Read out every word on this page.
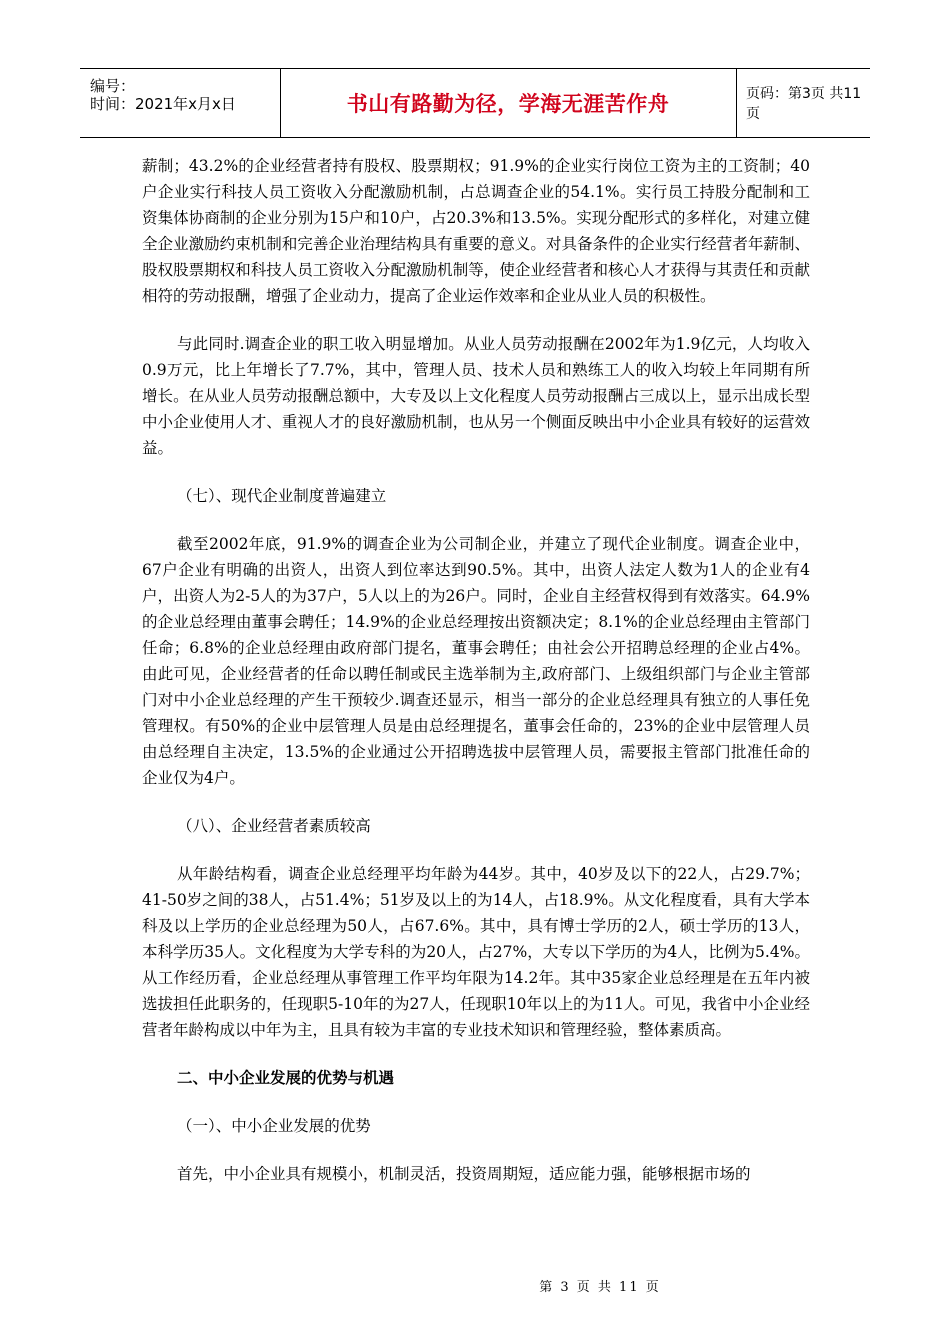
编号：
时间：2021年x月x日	书山有路勤为径，学海无涯苦作舟	页码：第3页 共11页

薪制；43.2%的企业经营者持有股权、股票期权；91.9%的企业实行岗位工资为主的工资制；40户企业实行科技人员工资收入分配激励机制，占总调查企业的54.1%。实行员工持股分配制和工资集体协商制的企业分别为15户和10户，占20.3%和13.5%。实现分配形式的多样化，对建立健全企业激励约束机制和完善企业治理结构具有重要的意义。对具备条件的企业实行经营者年薪制、股权股票期权和科技人员工资收入分配激励机制等，使企业经营者和核心人才获得与其责任和贡献相符的劳动报酬，增强了企业动力，提高了企业运作效率和企业从业人员的积极性。

与此同时.调查企业的职工收入明显增加。从业人员劳动报酬在2002年为1.9亿元，人均收入0.9万元，比上年增长了7.7%，其中，管理人员、技术人员和熟练工人的收入均较上年同期有所增长。在从业人员劳动报酬总额中，大专及以上文化程度人员劳动报酬占三成以上，显示出成长型中小企业使用人才、重视人才的良好激励机制，也从另一个侧面反映出中小企业具有较好的运营效益。

（七）、现代企业制度普遍建立

截至2002年底，91.9%的调查企业为公司制企业，并建立了现代企业制度。调查企业中，67户企业有明确的出资人，出资人到位率达到90.5%。其中，出资人法定人数为1人的企业有4户，出资人为2-5人的为37户，5人以上的为26户。同时，企业自主经营权得到有效落实。64.9%的企业总经理由董事会聘任；14.9%的企业总经理按出资额决定；8.1%的企业总经理由主管部门任命；6.8%的企业总经理由政府部门提名，董事会聘任；由社会公开招聘总经理的企业占4%。由此可见，企业经营者的任命以聘任制或民主选举制为主,政府部门、上级组织部门与企业主管部门对中小企业总经理的产生干预较少.调查还显示，相当一部分的企业总经理具有独立的人事任免管理权。有50%的企业中层管理人员是由总经理提名，董事会任命的，23%的企业中层管理人员由总经理自主决定，13.5%的企业通过公开招聘选拔中层管理人员，需要报主管部门批准任命的企业仅为4户。

（八）、企业经营者素质较高

从年龄结构看，调查企业总经理平均年龄为44岁。其中，40岁及以下的22人，占29.7%；41-50岁之间的38人，占51.4%；51岁及以上的为14人，占18.9%。从文化程度看，具有大学本科及以上学历的企业总经理为50人，占67.6%。其中，具有博士学历的2人，硕士学历的13人，本科学历35人。文化程度为大学专科的为20人，占27%，大专以下学历的为4人，比例为5.4%。从工作经历看，企业总经理从事管理工作平均年限为14.2年。其中35家企业总经理是在五年内被选拔担任此职务的，任现职5-10年的为27人，任现职10年以上的为11人。可见，我省中小企业经营者年龄构成以中年为主，且具有较为丰富的专业技术知识和管理经验，整体素质高。

二、中小企业发展的优势与机遇

（一）、中小企业发展的优势

首先，中小企业具有规模小，机制灵活，投资周期短，适应能力强，能够根据市场的

第 3 页 共 11 页
